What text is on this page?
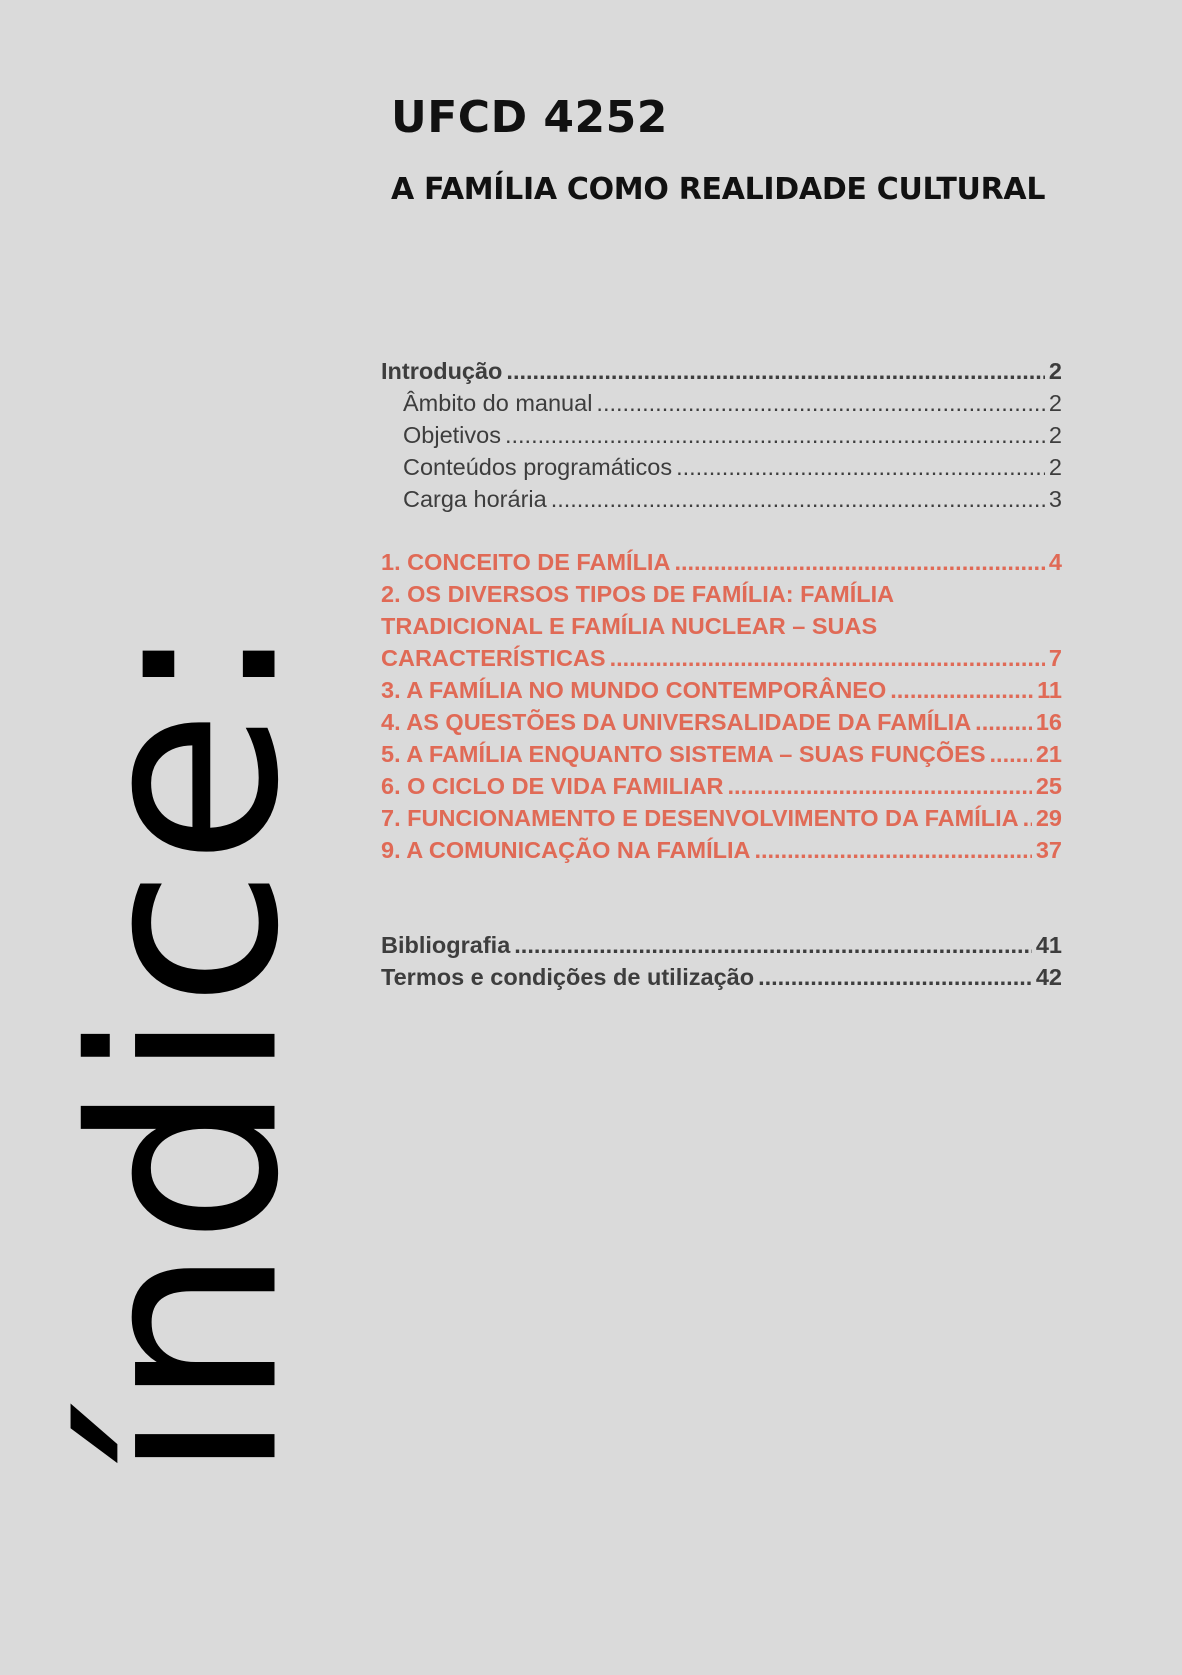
índice:
UFCD 4252
A FAMÍLIA COMO REALIDADE CULTURAL
Introdução .....	2
Âmbito do manual .....	2
Objetivos .....	2
Conteúdos programáticos .....	2
Carga horária .....	3
1. CONCEITO DE FAMÍLIA .....	4
2. OS DIVERSOS TIPOS DE FAMÍLIA: FAMÍLIA
TRADICIONAL E FAMÍLIA NUCLEAR – SUAS
CARACTERÍSTICAS .....	7
3. A FAMÍLIA NO MUNDO CONTEMPORÂNEO .....	11
4. AS QUESTÕES DA UNIVERSALIDADE DA FAMÍLIA .....	16
5. A FAMÍLIA ENQUANTO SISTEMA – SUAS FUNÇÕES ..... 21
6. O CICLO DE VIDA FAMILIAR .....	25
7. FUNCIONAMENTO E DESENVOLVIMENTO DA FAMÍLIA ..... 29
9. A COMUNICAÇÃO NA FAMÍLIA .....	37
Bibliografia .....	41
Termos e condições de utilização .....	42
